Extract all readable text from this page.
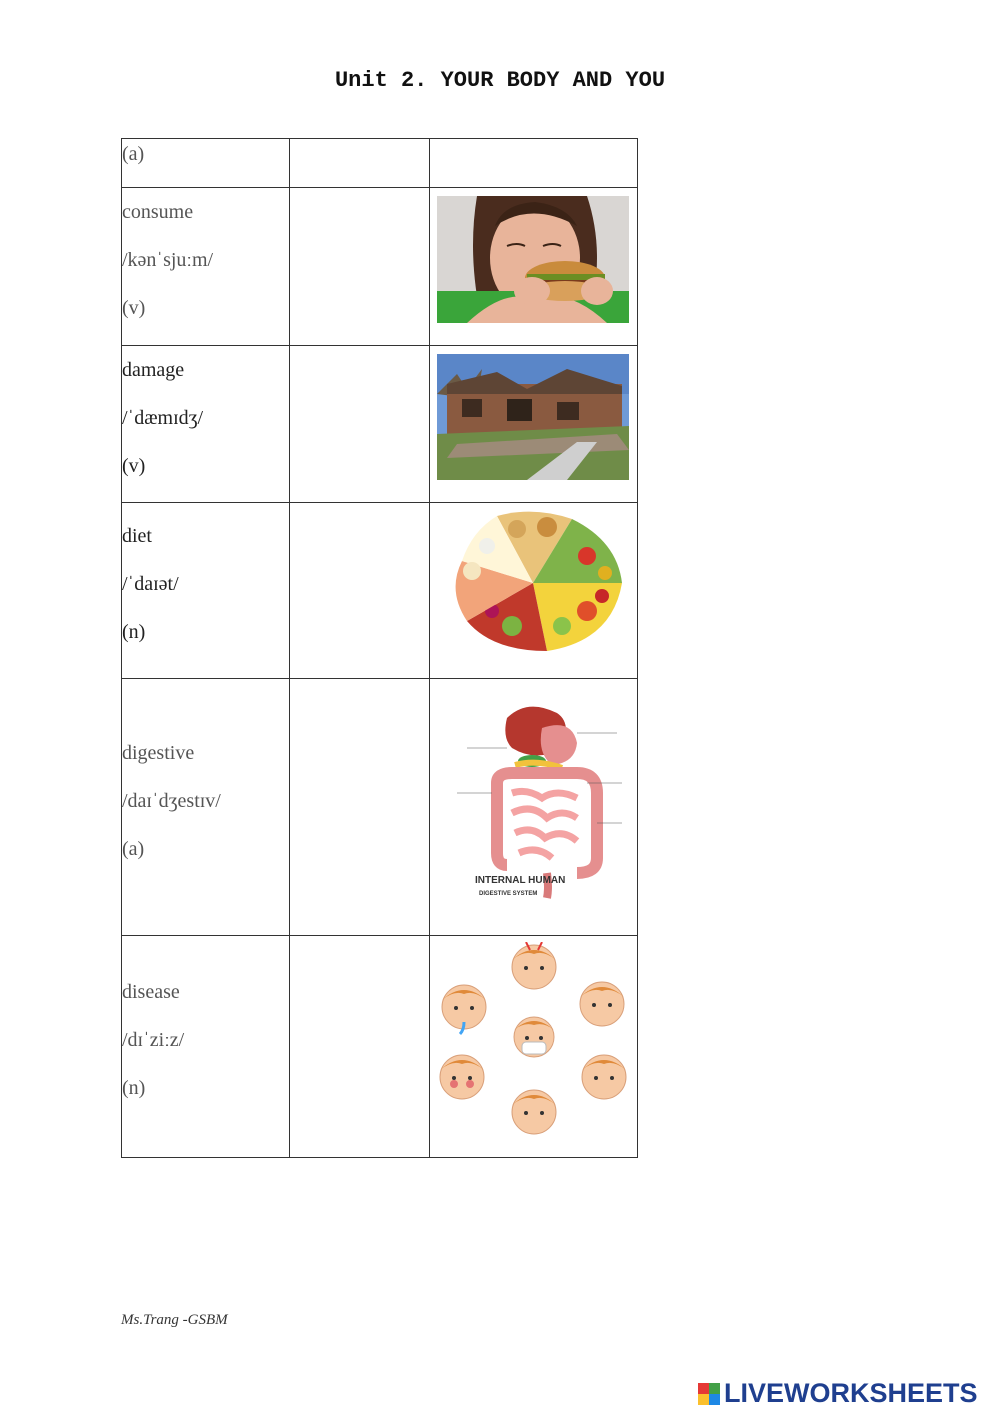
Unit 2. YOUR BODY AND YOU
(a)		

consume
/kənˈsjuːm/
(v)

damage
/ˈdæmɪdʒ/
(v)

diet
/ˈdaɪət/
(n)

digestive
/daɪˈdʒestɪv/
(a)		INTERNAL HUMAN
DIGESTIVE SYSTEM

disease
/dɪˈziːz/
(n)

Ms.Trang -GSBM
LIVEWORKSHEETS
